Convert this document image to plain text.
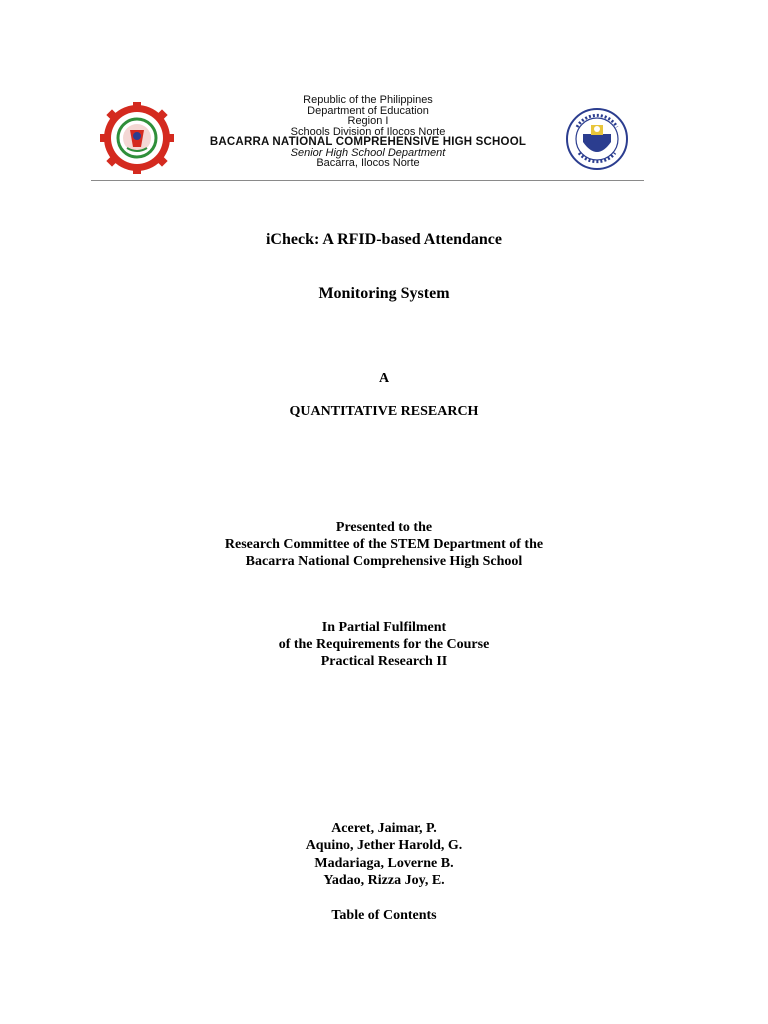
Republic of the Philippines
Department of Education
Region I
Schools Division of Ilocos Norte
BACARRA NATIONAL COMPREHENSIVE HIGH SCHOOL
Senior High School Department
Bacarra, Ilocos Norte
iCheck: A RFID-based Attendance
Monitoring System
A
QUANTITATIVE RESEARCH
Presented to the
Research Committee of the STEM Department of the
Bacarra National Comprehensive High School
In Partial Fulfilment
of the Requirements for the Course
Practical Research II
Aceret, Jaimar, P.
Aquino, Jether Harold, G.
Madariaga, Loverne B.
Yadao, Rizza Joy, E.
Table of Contents
